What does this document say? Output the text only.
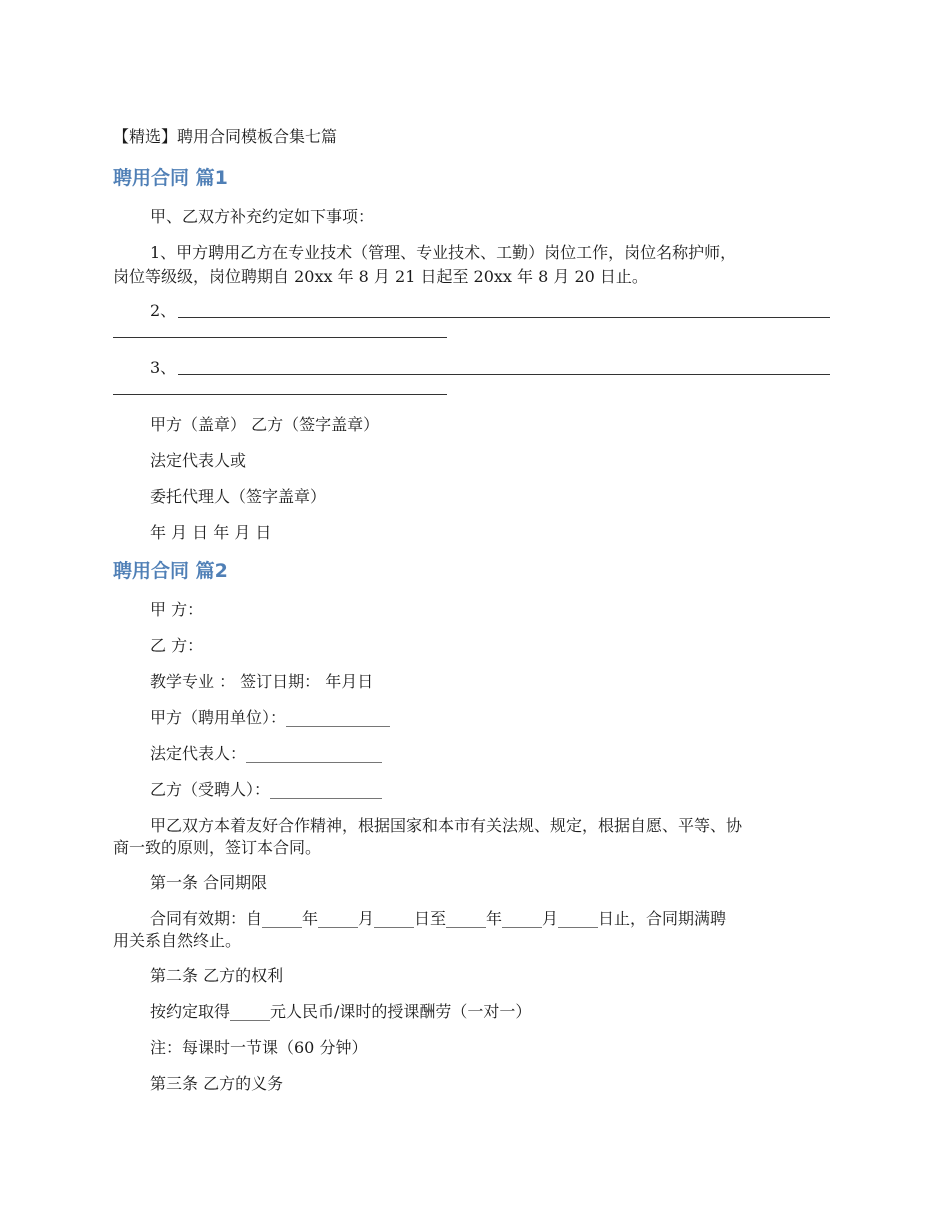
【精选】聘用合同模板合集七篇
聘用合同 篇1
甲、乙双方补充约定如下事项：
1、甲方聘用乙方在专业技术（管理、专业技术、工勤）岗位工作，岗位名称护师，
岗位等级级，岗位聘期自 20xx 年 8 月 21 日起至 20xx 年 8 月 20 日止。
2、
3、
甲方（盖章） 乙方（签字盖章）
法定代表人或
委托代理人（签字盖章）
年 月 日 年 月 日
聘用合同 篇2
甲 方：
乙 方：
教学专业 ： 签订日期： 年月日
甲方（聘用单位）：_____________
法定代表人：_________________
乙方（受聘人）：______________
甲乙双方本着友好合作精神，根据国家和本市有关法规、规定，根据自愿、平等、协
商一致的原则，签订本合同。
第一条 合同期限
合同有效期：自_____年_____月_____日至_____年_____月_____日止，合同期满聘
用关系自然终止。
第二条 乙方的权利
按约定取得_____元人民币/课时的授课酬劳（一对一）
注：每课时一节课（60 分钟）
第三条 乙方的义务
